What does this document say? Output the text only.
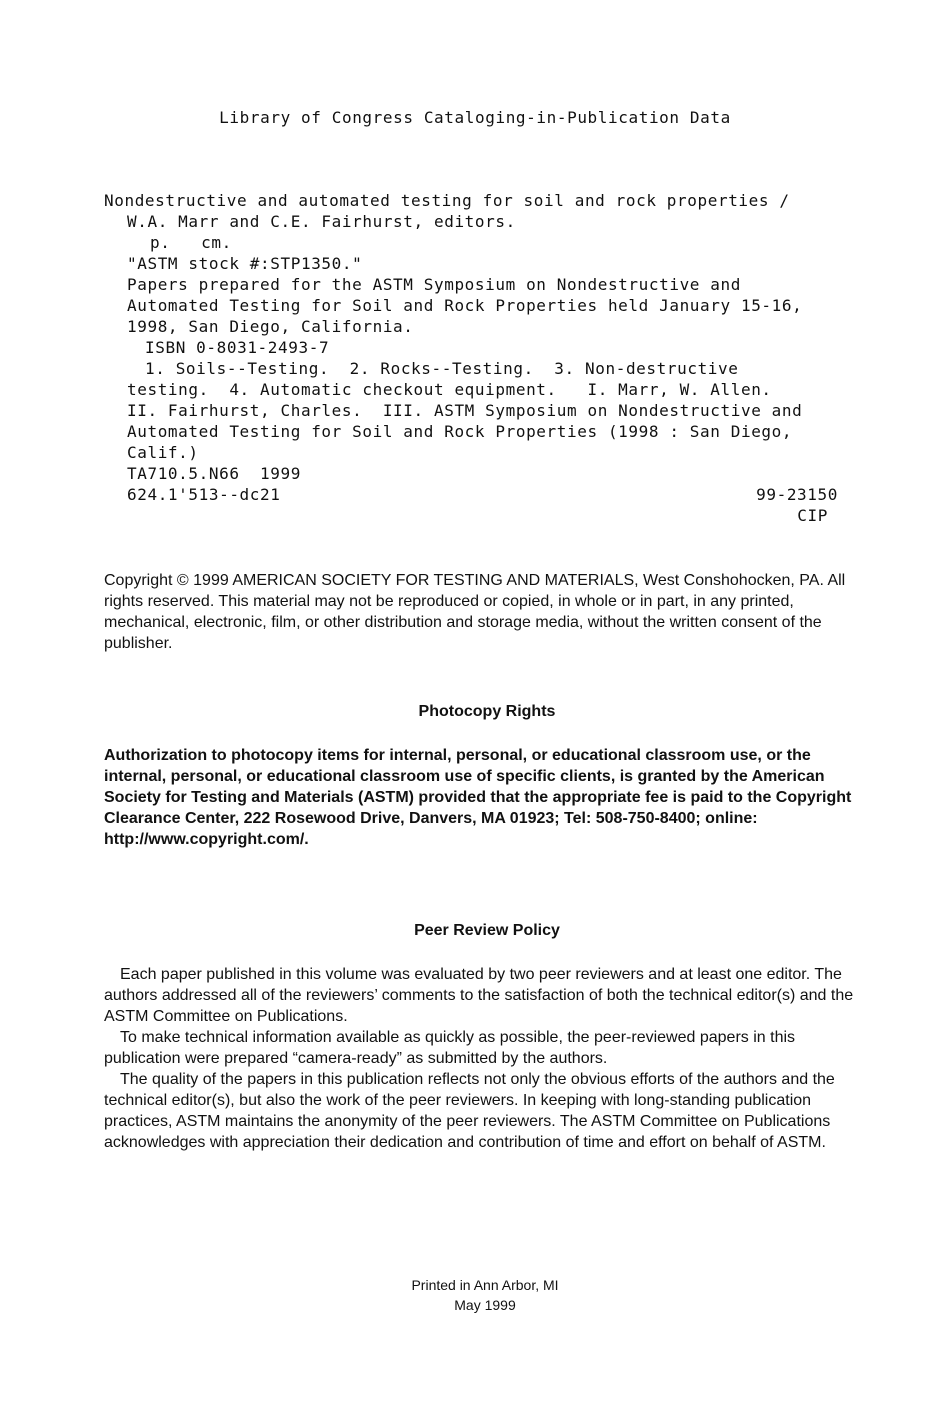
Library of Congress Cataloging-in-Publication Data

Nondestructive and automated testing for soil and rock properties /

W.A. Marr and C.E. Fairhurst, editors.

p.   cm.

"ASTM stock #:STP1350."

Papers prepared for the ASTM Symposium on Nondestructive and

Automated Testing for Soil and Rock Properties held January 15-16,

1998, San Diego, California.

ISBN 0-8031-2493-7

1. Soils--Testing.  2. Rocks--Testing.  3. Non-destructive

testing.  4. Automatic checkout equipment.   I. Marr, W. Allen.

II. Fairhurst, Charles.  III. ASTM Symposium on Nondestructive and

Automated Testing for Soil and Rock Properties (1998 : San Diego,

Calif.)

TA710.5.N66  1999

624.1'513--dc21	99-23150

CIP

Copyright © 1999 AMERICAN SOCIETY FOR TESTING AND MATERIALS, West Conshohocken, PA. All rights reserved. This material may not be reproduced or copied, in whole or in part, in any printed, mechanical, electronic, film, or other distribution and storage media, without the written consent of the publisher.

Photocopy Rights

Authorization to photocopy items for internal, personal, or educational classroom use, or the internal, personal, or educational classroom use of specific clients, is granted by the American Society for Testing and Materials (ASTM) provided that the appropriate fee is paid to the Copyright Clearance Center, 222 Rosewood Drive, Danvers, MA 01923; Tel: 508-750-8400; online: http://www.copyright.com/.

Peer Review Policy

Each paper published in this volume was evaluated by two peer reviewers and at least one editor. The authors addressed all of the reviewers’ comments to the satisfaction of both the technical editor(s) and the ASTM Committee on Publications.

To make technical information available as quickly as possible, the peer-reviewed papers in this publication were prepared “camera-ready” as submitted by the authors.

The quality of the papers in this publication reflects not only the obvious efforts of the authors and the technical editor(s), but also the work of the peer reviewers. In keeping with long-standing publication practices, ASTM maintains the anonymity of the peer reviewers. The ASTM Committee on Publications acknowledges with appreciation their dedication and contribution of time and effort on behalf of ASTM.

Printed in Ann Arbor, MI

May 1999
